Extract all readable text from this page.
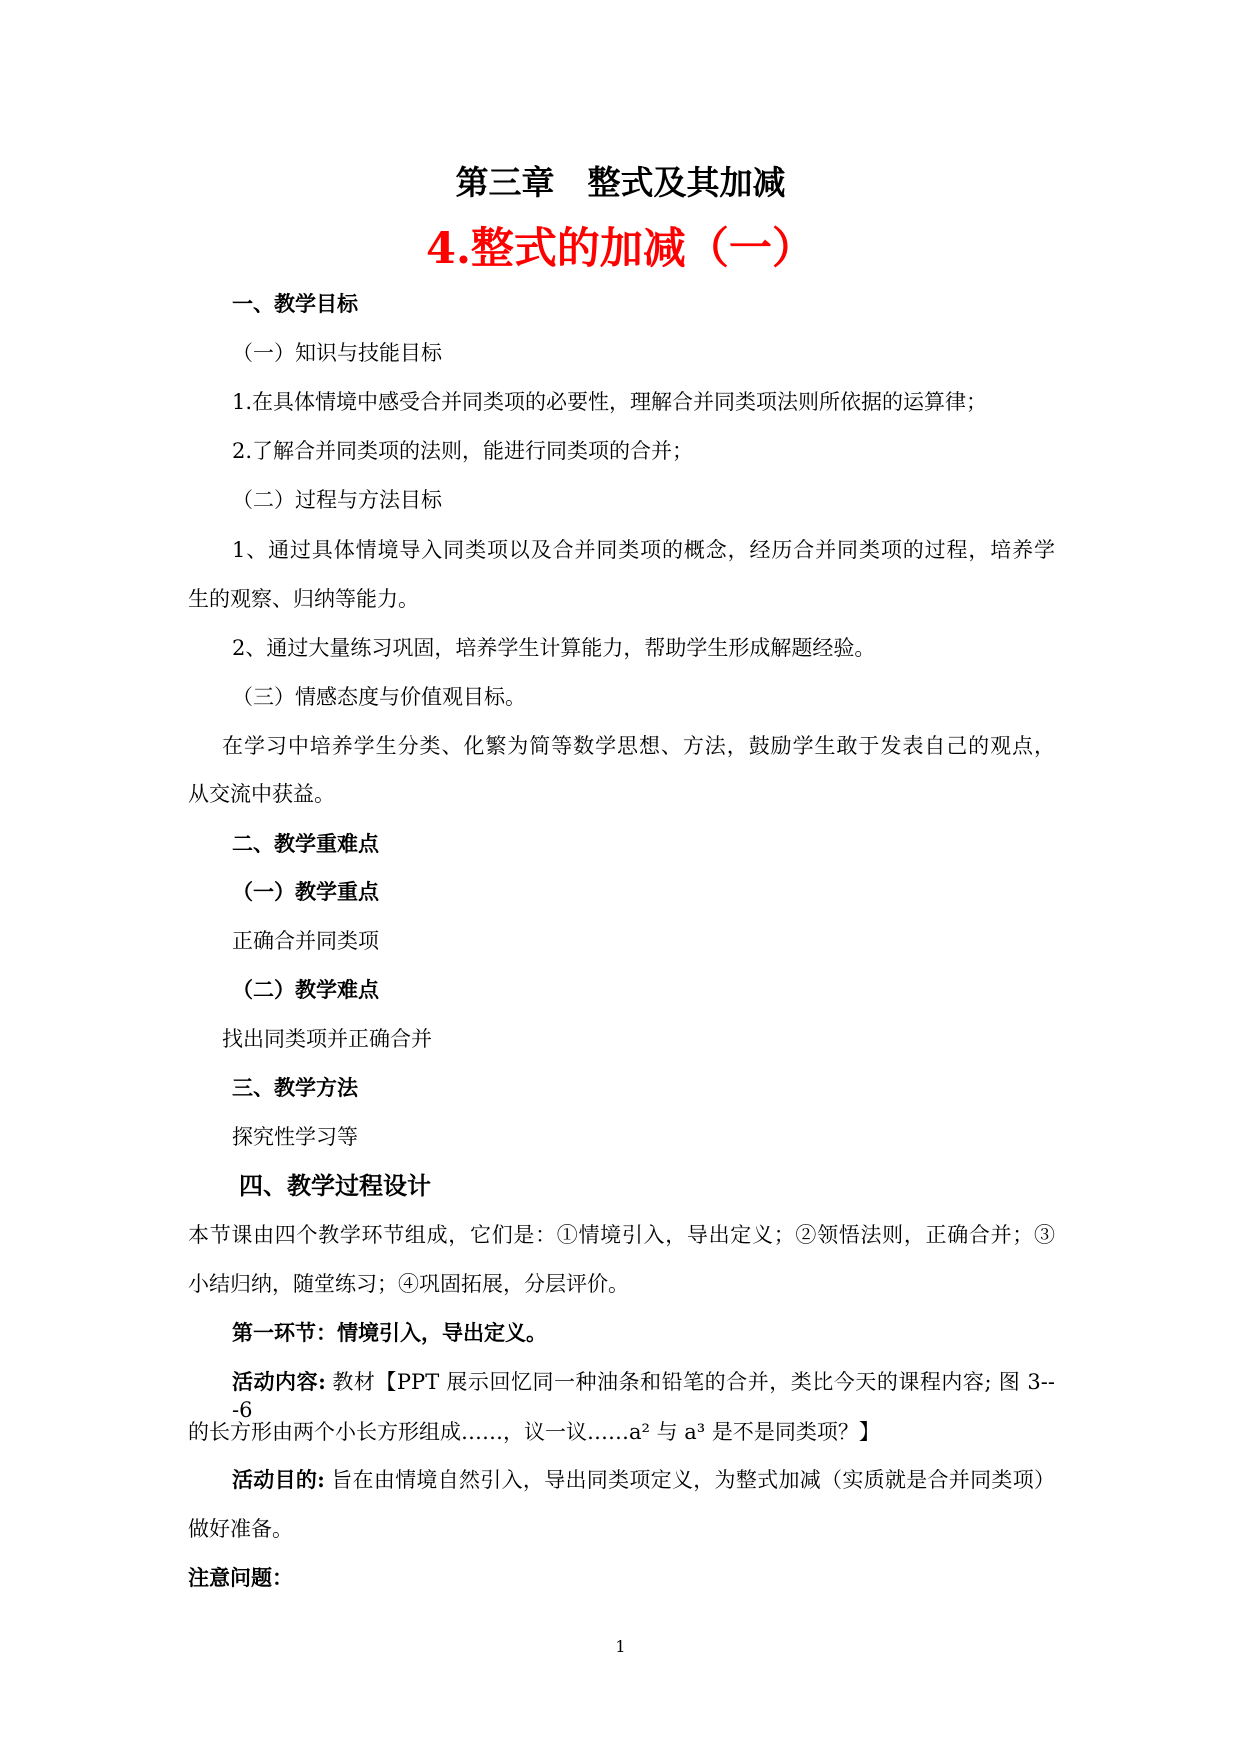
第三章　整式及其加减
4.整式的加减（一）
一、教学目标
（一）知识与技能目标
1.在具体情境中感受合并同类项的必要性，理解合并同类项法则所依据的运算律；
2.了解合并同类项的法则，能进行同类项的合并；
（二）过程与方法目标
1、通过具体情境导入同类项以及合并同类项的概念，经历合并同类项的过程，培养学
生的观察、归纳等能力。
2、通过大量练习巩固，培养学生计算能力，帮助学生形成解题经验。
（三）情感态度与价值观目标。
在学习中培养学生分类、化繁为简等数学思想、方法，鼓励学生敢于发表自己的观点，
从交流中获益。
二、教学重难点
（一）教学重点
正确合并同类项
（二）教学难点
找出同类项并正确合并
三、教学方法
探究性学习等
四、教学过程设计
本节课由四个教学环节组成，它们是：①情境引入，导出定义；②领悟法则，正确合并；③
小结归纳，随堂练习；④巩固拓展，分层评价。
第一环节：情境引入，导出定义。
活动内容: 教材【PPT 展示回忆同一种油条和铅笔的合并，类比今天的课程内容; 图 3---6
的长方形由两个小长方形组成……，议一议……a² 与 a³ 是不是同类项？】
活动目的: 旨在由情境自然引入，导出同类项定义，为整式加减（实质就是合并同类项）
做好准备。
注意问题：
1
